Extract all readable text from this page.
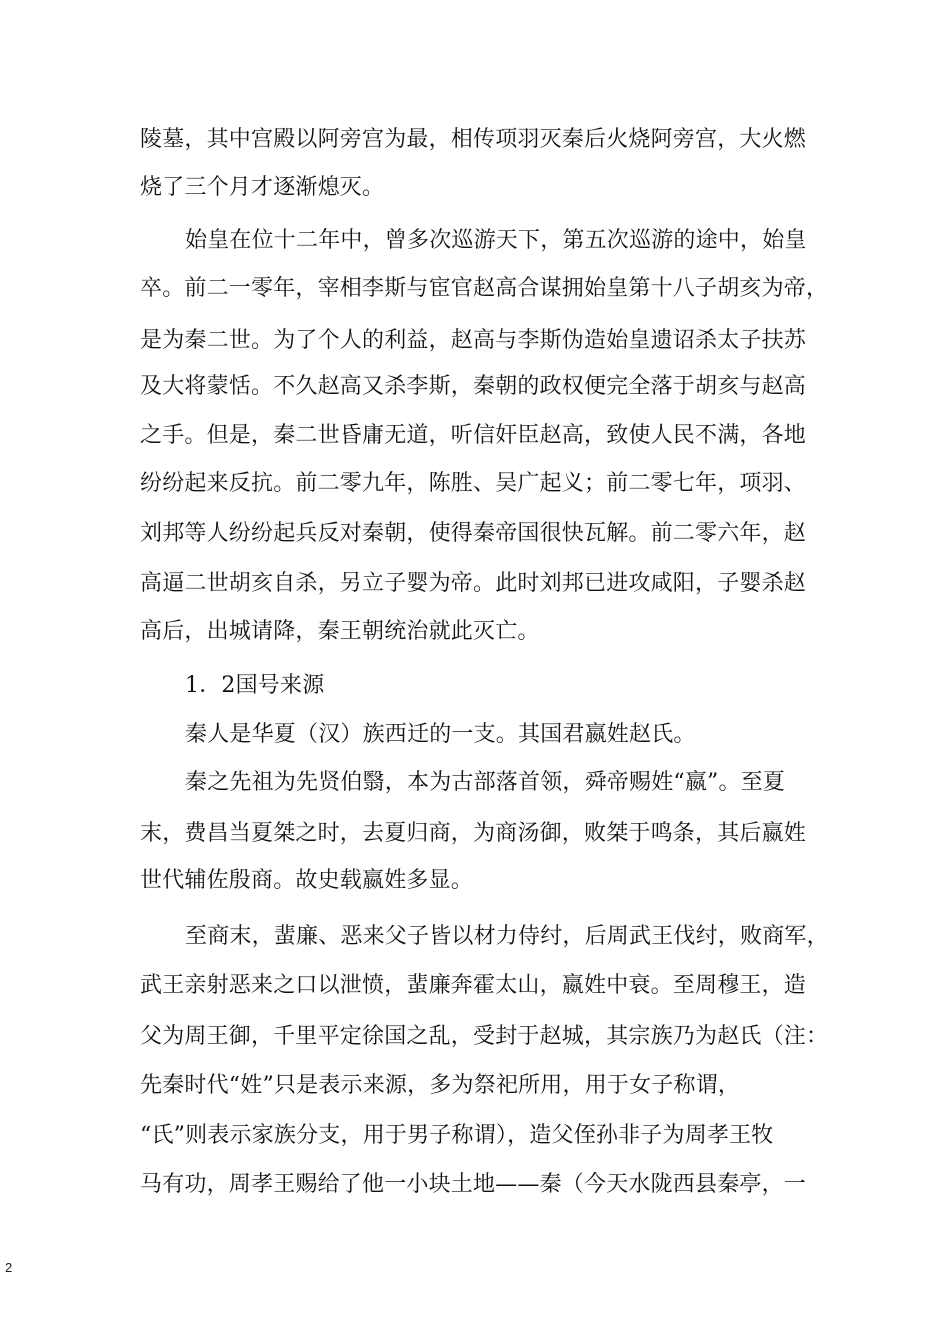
陵墓，其中宫殿以阿旁宫为最，相传项羽灭秦后火烧阿旁宫，大火燃
烧了三个月才逐渐熄灭。
始皇在位十二年中，曾多次巡游天下，第五次巡游的途中，始皇
卒。前二一零年，宰相李斯与宦官赵高合谋拥始皇第十八子胡亥为帝，
是为秦二世。为了个人的利益，赵高与李斯伪造始皇遗诏杀太子扶苏
及大将蒙恬。不久赵高又杀李斯，秦朝的政权便完全落于胡亥与赵高
之手。但是，秦二世昏庸无道，听信奸臣赵高，致使人民不满，各地
纷纷起来反抗。前二零九年，陈胜、吴广起义；前二零七年，项羽、
刘邦等人纷纷起兵反对秦朝，使得秦帝国很快瓦解。前二零六年，赵
高逼二世胡亥自杀，另立子婴为帝。此时刘邦已进攻咸阳，子婴杀赵
高后，出城请降，秦王朝统治就此灭亡。
1．2国号来源
秦人是华夏（汉）族西迁的一支。其国君嬴姓赵氏。
秦之先祖为先贤伯翳，本为古部落首领，舜帝赐姓“嬴”。至夏
末，费昌当夏桀之时，去夏归商，为商汤御，败桀于鸣条，其后嬴姓
世代辅佐殷商。故史载嬴姓多显。
至商末，蜚廉、恶来父子皆以材力侍纣，后周武王伐纣，败商军，
武王亲射恶来之口以泄愤，蜚廉奔霍太山，嬴姓中衰。至周穆王，造
父为周王御，千里平定徐国之乱，受封于赵城，其宗族乃为赵氏（注：
先秦时代“姓”只是表示来源，多为祭祀所用，用于女子称谓，
“氏”则表示家族分支，用于男子称谓），造父侄孙非子为周孝王牧
马有功，周孝王赐给了他一小块土地——秦（今天水陇西县秦亭，一
2
